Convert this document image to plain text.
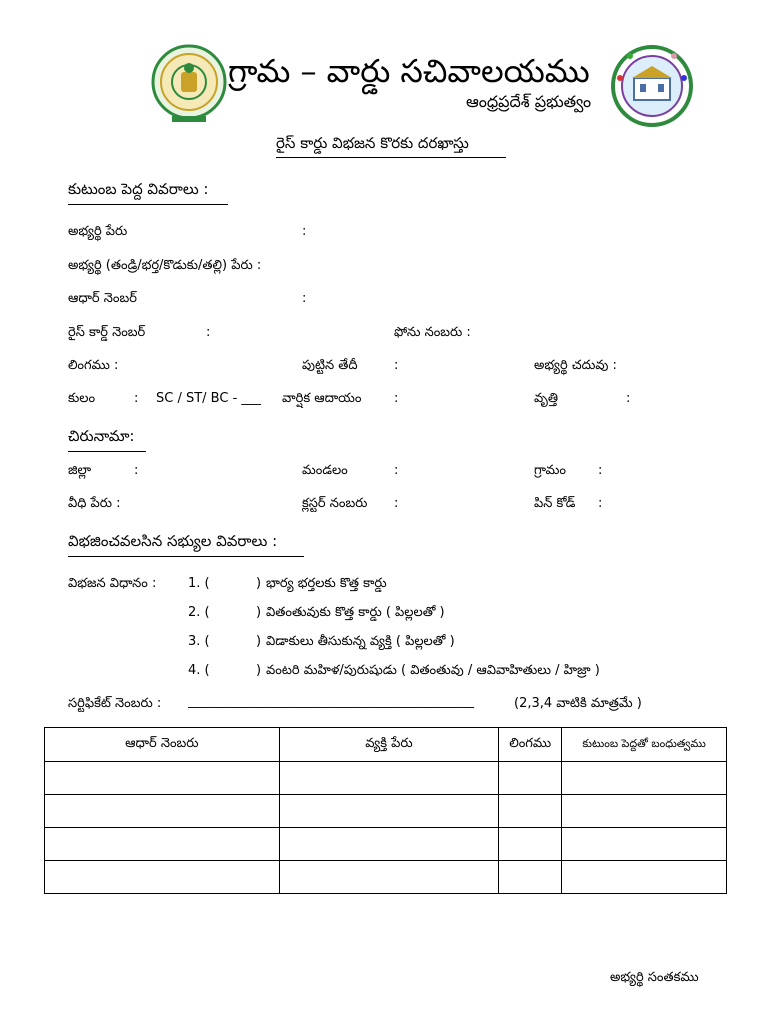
గ్రామ – వార్డు సచివాలయము
ఆంధ్రప్రదేశ్ ప్రభుత్వం
రైస్ కార్డు విభజన కొరకు దరఖాస్తు
కుటుంబ పెద్ద వివరాలు :
అభ్యర్థి పేరు	:
అభ్యర్థి (తండ్రి/భర్త/కొడుకు/తల్లి) పేరు :
ఆధార్ నెంబర్	:
రైస్ కార్డ్ నెంబర్	:	ఫోను నంబరు :
లింగము :	పుట్టిన తేదీ	:	అభ్యర్థి చదువు :
కులం	: SC / ST/ BC - ___ వార్షిక ఆదాయం	:	వృత్తి	:
చిరునామా:
జిల్లా	:	మండలం	:	గ్రామం :
వీధి పేరు :	క్లస్టర్ నంబరు :	పిన్ కోడ్ :
విభజించవలసిన సభ్యుల వివరాలు :
విభజన విధానం : 1. (	) భార్య భర్తలకు కొత్త కార్డు
2. (	) వితంతువుకు కొత్త కార్డు ( పిల్లలతో )
3. (	) విడాకులు తీసుకున్న వ్యక్తి ( పిల్లలతో )
4. (	) వంటరి మహిళ/పురుషుడు ( వితంతువు / ఆవివాహితులు / హిజ్రా )
సర్టిఫికేట్ నెంబరు : ____________________________________________	(2,3,4 వాటికి మాత్రమే )
ఆధార్ నెంబరు	వ్యక్తి పేరు	లింగము	కుటుంబ పెద్దతో బంధుత్వము

అభ్యర్థి సంతకము
